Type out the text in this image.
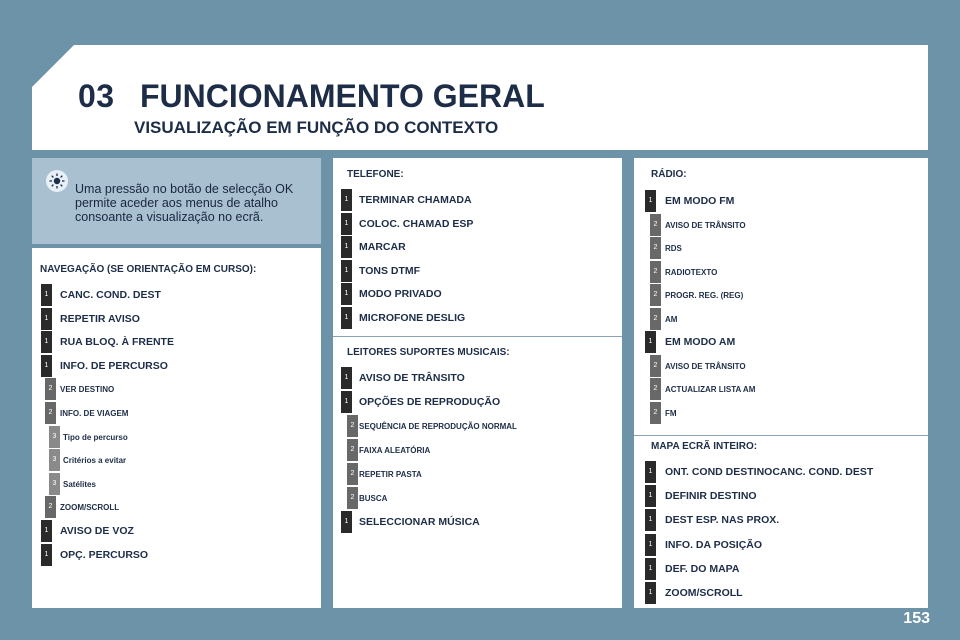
03 FUNCIONAMENTO GERAL
VISUALIZAÇÃO EM FUNÇÃO DO CONTEXTO
Uma pressão no botão de selecção OK permite aceder aos menus de atalho consoante a visualização no ecrã.
NAVEGAÇÃO (SE ORIENTAÇÃO EM CURSO):
1	CANC. COND. DEST
1	REPETIR AVISO
1	RUA BLOQ. À FRENTE
1	INFO. DE PERCURSO
2 VER DESTINO
2 INFO. DE VIAGEM
3 Tipo de percurso
3 Critérios a evitar
3 Satélites
2 ZOOM/SCROLL
1	AVISO DE VOZ
1	OPÇ. PERCURSO
TELEFONE:
1	TERMINAR CHAMADA
1	COLOC. CHAMAD ESP
1	MARCAR
1	TONS DTMF
1	MODO PRIVADO
1	MICROFONE DESLIG
LEITORES SUPORTES MUSICAIS:
1	AVISO DE TRÂNSITO
1	OPÇÕES DE REPRODUÇÃO
2 SEQUÊNCIA DE REPRODUÇÃO NORMAL
2 FAIXA ALEATÓRIA
2 REPETIR PASTA
2 BUSCA
1	SELECCIONAR MÚSICA
RÁDIO:
1	EM MODO FM
2 AVISO DE TRÂNSITO
2 RDS
2 RADIOTEXTO
2 PROGR. REG. (REG)
2 AM
1	EM MODO AM
2 AVISO DE TRÂNSITO
2 ACTUALIZAR LISTA AM
2 FM
MAPA ECRÃ INTEIRO:
1	ONT. COND DESTINOCANC. COND. DEST
1	DEFINIR DESTINO
1	DEST ESP. NAS PROX.
1	INFO. DA POSIÇÃO
1	DEF. DO MAPA
1	ZOOM/SCROLL
153
